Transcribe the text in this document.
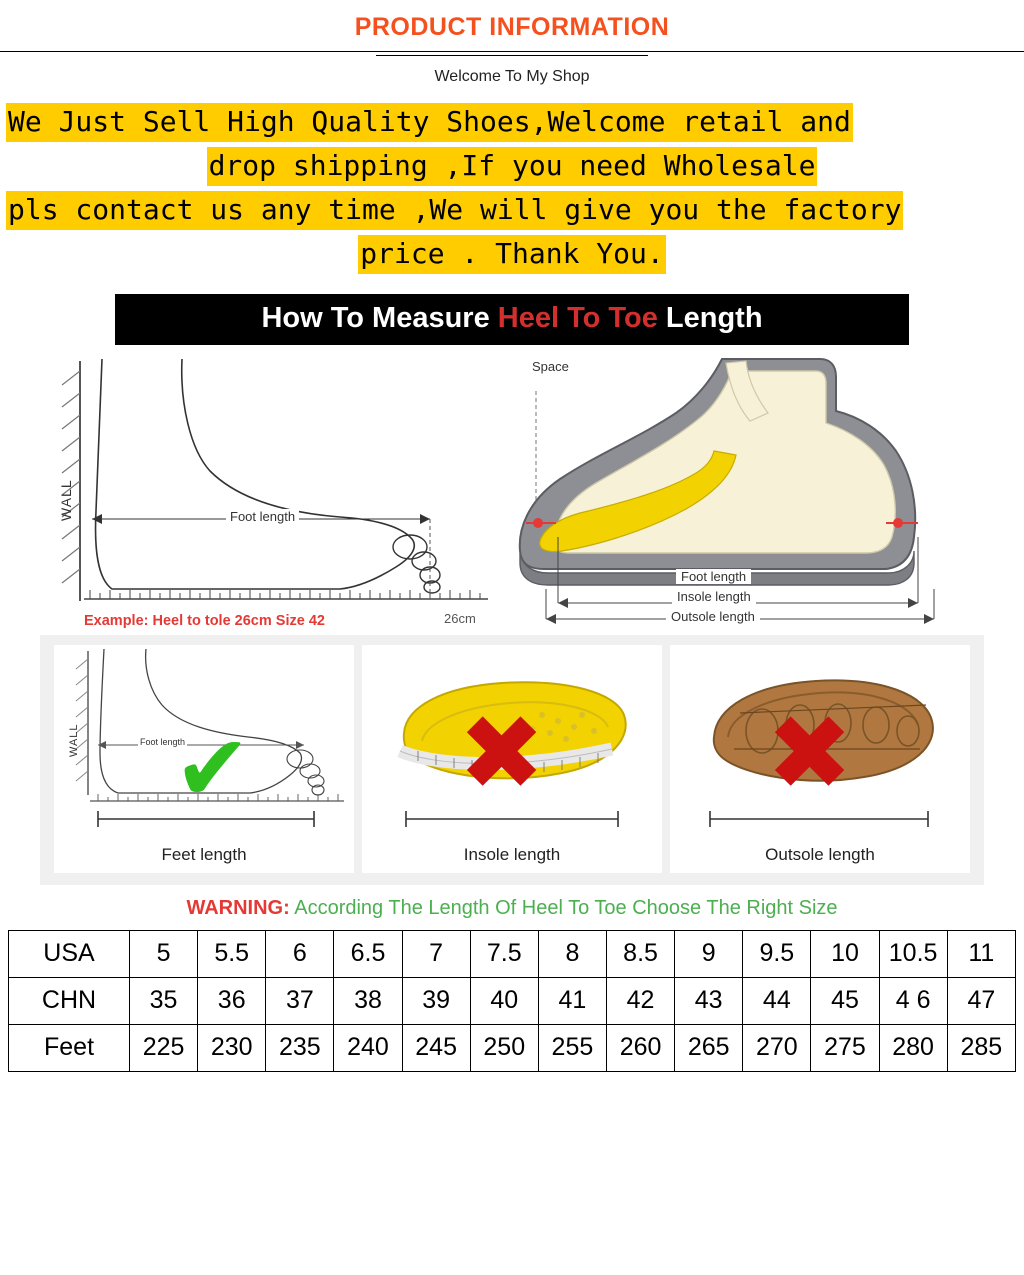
PRODUCT INFORMATION
Welcome To My Shop
We Just Sell High Quality Shoes,Welcome retail and
drop shipping ,If you need Wholesale
pls contact us any time ,We will give you the factory
price . Thank You.
How To Measure Heel To Toe Length
WALL	Foot length
Example: Heel to tole 26cm Size 42	26cm
Space
Foot length
Insole length
Outsole length
WALL	Foot length
✔
Feet length
✖
Insole length
✖
Outsole length
WARNING: According The Length Of Heel To Toe Choose The Right Size
USA	5	5.5	6	6.5	7	7.5	8	8.5	9	9.5	10	10.5	11
CHN	35	36	37	38	39	40	41	42	43	44	45	4 6	47
Feet	225	230	235	240	245	250	255	260	265	270	275	280	285
